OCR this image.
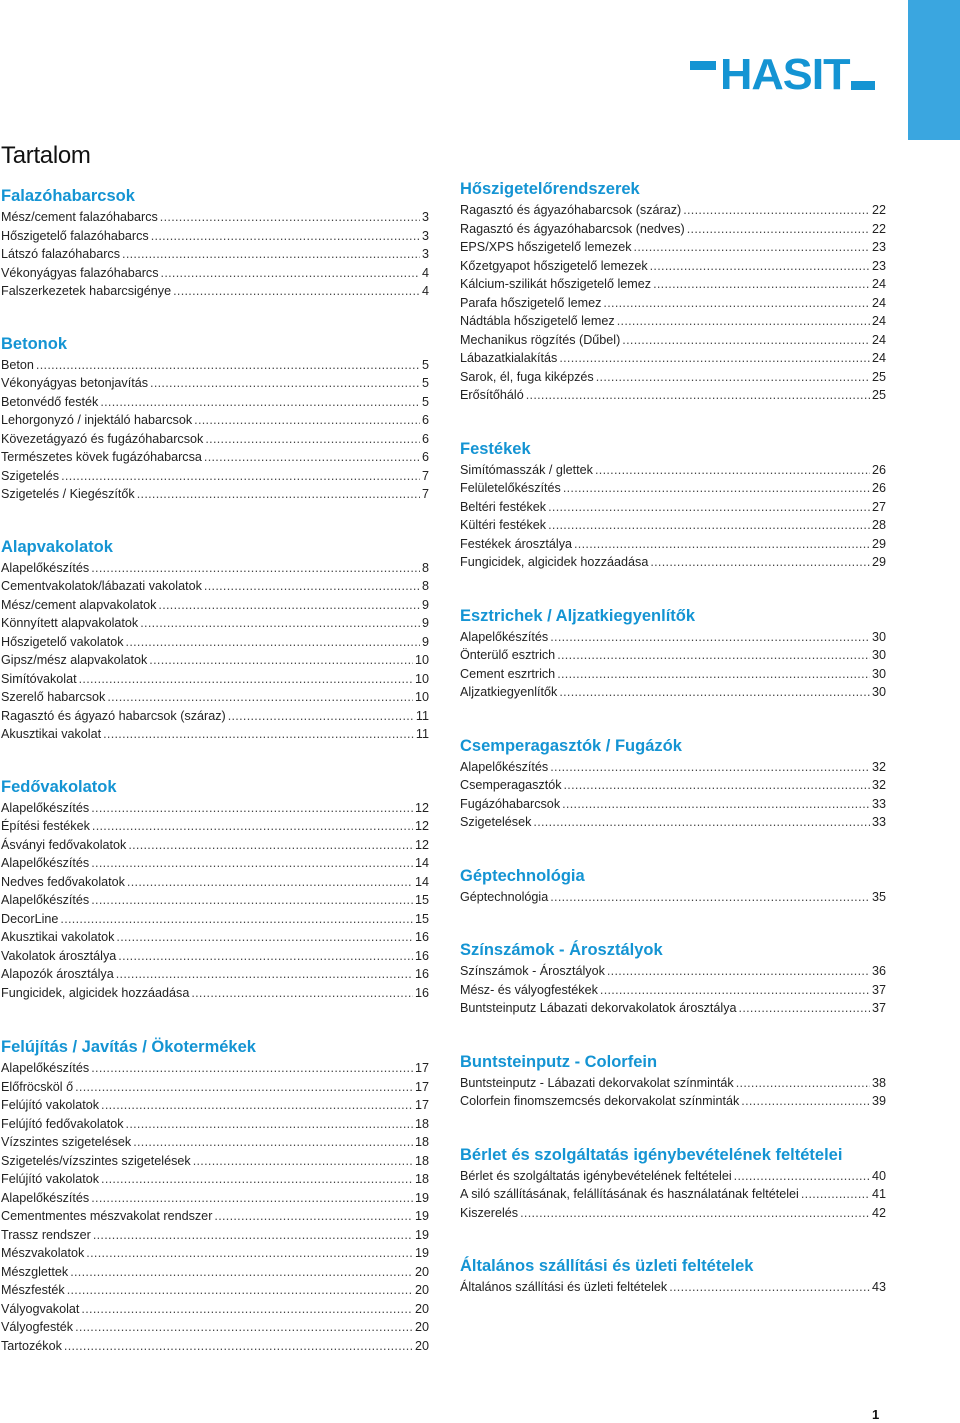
HASIT
Tartalom
Falazóhabarcsok
Mész/cement falazóhabarcs .....	3
Hőszigetelő falazóhabarcs .....	3
Látszó falazóhabarcs .....	3
Vékonyágyas falazóhabarcs .....	4
Falszerkezetek habarcsigénye .....	4
Betonok
Beton .....	5
Vékonyágyas betonjavítás .....	5
Betonvédő festék .....	5
Lehorgonyzó / injektáló habarcsok .....	6
Kövezetágyazó és fugázóhabarcsok .....	6
Természetes kövek fugázóhabarcsa .....	6
Szigetelés .....	7
Szigetelés / Kiegészítők .....	7
Alapvakolatok
Alapelőkészítés .....	8
Cementvakolatok/lábazati vakolatok .....	8
Mész/cement alapvakolatok .....	9
Könnyített alapvakolatok .....	9
Hőszigetelő vakolatok .....	9
Gipsz/mész alapvakolatok .....	10
Simítóvakolat .....	10
Szerelő habarcsok .....	10
Ragasztó és ágyazó habarcsok (száraz) .....	11
Akusztikai vakolat .....	11
Fedővakolatok
Alapelőkészítés .....	12
Építési festékek .....	12
Ásványi fedővakolatok .....	12
Alapelőkészítés .....	14
Nedves fedővakolatok .....	14
Alapelőkészítés .....	15
DecorLine .....	15
Akusztikai vakolatok .....	16
Vakolatok árosztálya .....	16
Alapozók árosztálya .....	16
Fungicidek, algicidek hozzáadása .....	16
Felújítás / Javítás / Ökotermékek
Alapelőkészítés .....	17
Előfröcsköl ő .....	17
Felújító vakolatok .....	17
Felújító fedővakolatok .....	18
Vízszintes szigetelések .....	18
Szigetelés/vízszintes szigetelések .....	18
Felújító vakolatok .....	18
Alapelőkészítés .....	19
Cementmentes mészvakolat rendszer .....	19
Trassz rendszer .....	19
Mészvakolatok .....	19
Mészglettek .....	20
Mészfesték .....	20
Vályogvakolat .....	20
Vályogfesték .....	20
Tartozékok .....	20
Hőszigetelőrendszerek
Ragasztó és ágyazóhabarcsok (száraz) .....	22
Ragasztó és ágyazóhabarcsok (nedves) .....	22
EPS/XPS hőszigetelő lemezek .....	23
Kőzetgyapot hőszigetelő lemezek .....	23
Kálcium-szilikát hőszigetelő lemez .....	24
Parafa hőszigetelő lemez .....	24
Nádtábla hőszigetelő lemez .....	24
Mechanikus rögzítés (Dűbel) .....	24
Lábazatkialakítás .....	24
Sarok, él, fuga kiképzés .....	25
Erősítőháló .....	25
Festékek
Simítómasszák / glettek .....	26
Felületelőkészítés .....	26
Beltéri festékek .....	27
Kültéri festékek .....	28
Festékek árosztálya .....	29
Fungicidek, algicidek hozzáadása .....	29
Esztrichek / Aljzatkiegyenlítők
Alapelőkészítés .....	30
Önterülő esztrich .....	30
Cement eszrtrich .....	30
Aljzatkiegyenlítők .....	30
Csemperagasztók / Fugázók
Alapelőkészítés .....	32
Csemperagasztók .....	32
Fugázóhabarcsok .....	33
Szigetelések .....	33
Géptechnológia
Géptechnológia .....	35
Színszámok - Árosztályok
Színszámok - Árosztályok .....	36
Mész- és vályogfestékek .....	37
Buntsteinputz Lábazati dekorvakolatok árosztálya .....	37
Buntsteinputz - Colorfein
Buntsteinputz - Lábazati dekorvakolat színminták .....	38
Colorfein finomszemcsés dekorvakolat színminták .....	39
Bérlet és szolgáltatás igénybevételének feltételei
Bérlet és szolgáltatás igénybevételének feltételei .....	40
A siló szállításának, felállításának és használatának feltételei .....	41
Kiszerelés .....	42
Általános szállítási és üzleti feltételek
Általános szállítási és üzleti feltételek .....	43
1
